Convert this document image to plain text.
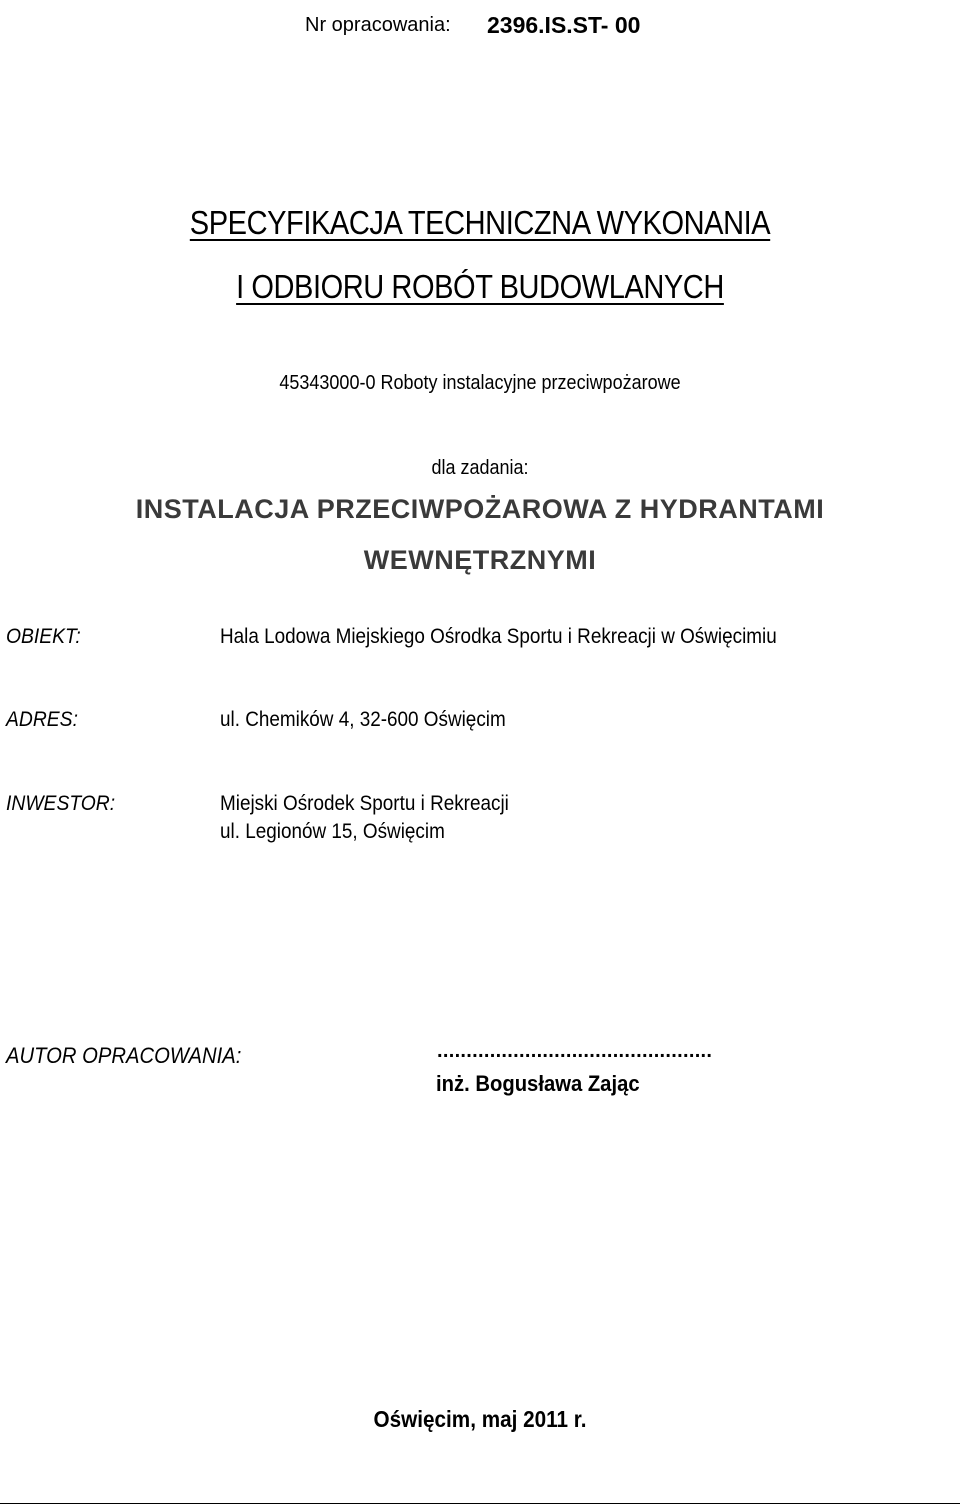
Nr opracowania: 2396.IS.ST- 00
SPECYFIKACJA TECHNICZNA WYKONANIA
I ODBIORU ROBÓT BUDOWLANYCH
45343000-0 Roboty instalacyjne przeciwpożarowe
dla zadania:
INSTALACJA PRZECIWPOŻAROWA Z HYDRANTAMI
WEWNĘTRZNYMI
OBIEKT:	Hala Lodowa Miejskiego Ośrodka Sportu i Rekreacji w Oświęcimiu
ADRES:	ul. Chemików 4, 32-600 Oświęcim
INWESTOR:	Miejski Ośrodek Sportu i Rekreacji
ul. Legionów 15, Oświęcim
AUTOR OPRACOWANIA:	...............................................
inż. Bogusława Zając
Oświęcim, maj 2011 r.
